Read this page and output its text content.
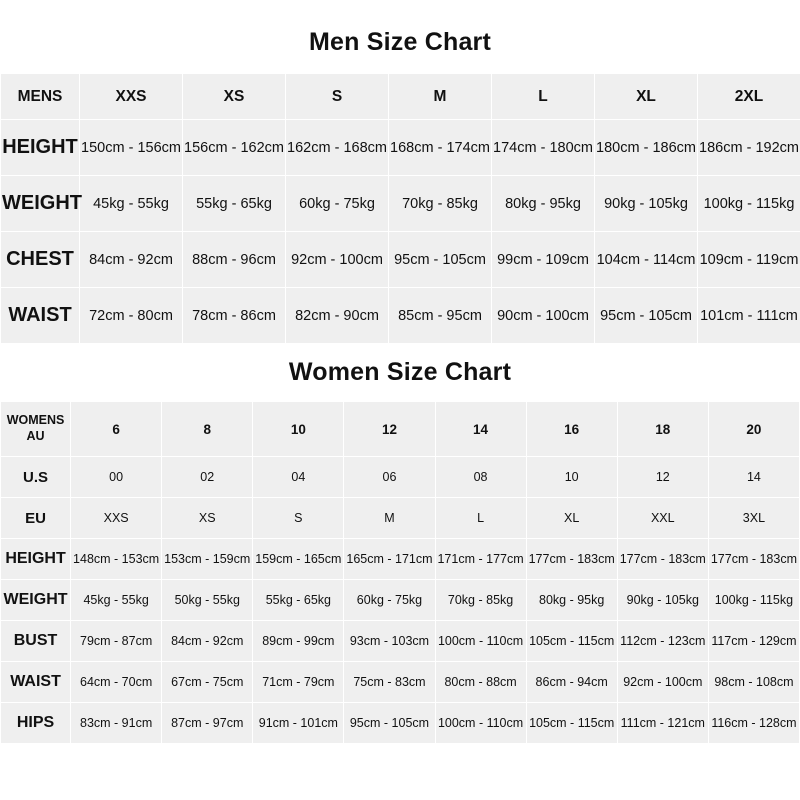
Men Size Chart
MENS	XXS	XS	S	M	L	XL	2XL
HEIGHT	150cm - 156cm	156cm - 162cm	162cm - 168cm	168cm - 174cm	174cm - 180cm	180cm - 186cm	186cm - 192cm
WEIGHT	45kg - 55kg	55kg - 65kg	60kg - 75kg	70kg - 85kg	80kg - 95kg	90kg - 105kg	100kg - 115kg
CHEST	84cm - 92cm	88cm - 96cm	92cm - 100cm	95cm - 105cm	99cm - 109cm	104cm - 114cm	109cm - 119cm
WAIST	72cm - 80cm	78cm - 86cm	82cm - 90cm	85cm - 95cm	90cm - 100cm	95cm - 105cm	101cm - 111cm
Women Size Chart
WOMENS
AU	6	8	10	12	14	16	18	20
U.S	00	02	04	06	08	10	12	14
EU	XXS	XS	S	M	L	XL	XXL	3XL
HEIGHT	148cm - 153cm	153cm - 159cm	159cm - 165cm	165cm - 171cm	171cm - 177cm	177cm - 183cm	177cm - 183cm	177cm - 183cm
WEIGHT	45kg - 55kg	50kg - 55kg	55kg - 65kg	60kg - 75kg	70kg - 85kg	80kg - 95kg	90kg - 105kg	100kg - 115kg
BUST	79cm - 87cm	84cm - 92cm	89cm - 99cm	93cm - 103cm	100cm - 110cm	105cm - 115cm	112cm - 123cm	117cm - 129cm
WAIST	64cm - 70cm	67cm - 75cm	71cm - 79cm	75cm - 83cm	80cm - 88cm	86cm - 94cm	92cm - 100cm	98cm - 108cm
HIPS	83cm - 91cm	87cm - 97cm	91cm - 101cm	95cm - 105cm	100cm - 110cm	105cm - 115cm	111cm - 121cm	116cm - 128cm
